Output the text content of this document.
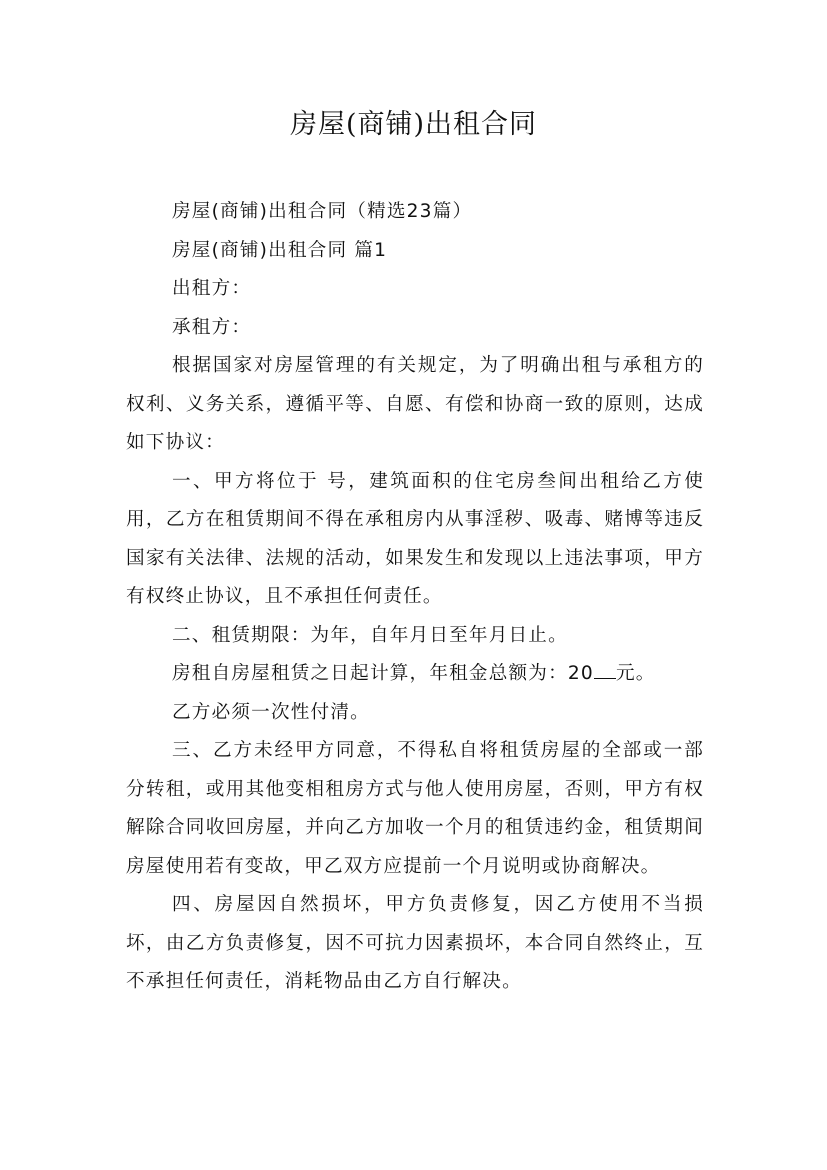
房屋(商铺)出租合同

房屋(商铺)出租合同（精选23篇）

房屋(商铺)出租合同 篇1

出租方：

承租方：

根据国家对房屋管理的有关规定，为了明确出租与承租方的权利、义务关系，遵循平等、自愿、有偿和协商一致的原则，达成如下协议：

一、甲方将位于 号，建筑面积的住宅房叁间出租给乙方使用，乙方在租赁期间不得在承租房内从事淫秽、吸毒、赌博等违反国家有关法律、法规的活动，如果发生和发现以上违法事项，甲方有权终止协议，且不承担任何责任。

二、租赁期限：为年，自年月日至年月日止。

房租自房屋租赁之日起计算，年租金总额为：20 元。

乙方必须一次性付清。

三、乙方未经甲方同意，不得私自将租赁房屋的全部或一部分转租，或用其他变相租房方式与他人使用房屋，否则，甲方有权解除合同收回房屋，并向乙方加收一个月的租赁违约金，租赁期间房屋使用若有变故，甲乙双方应提前一个月说明或协商解决。

四、房屋因自然损坏，甲方负责修复，因乙方使用不当损坏，由乙方负责修复，因不可抗力因素损坏，本合同自然终止，互不承担任何责任，消耗物品由乙方自行解决。
